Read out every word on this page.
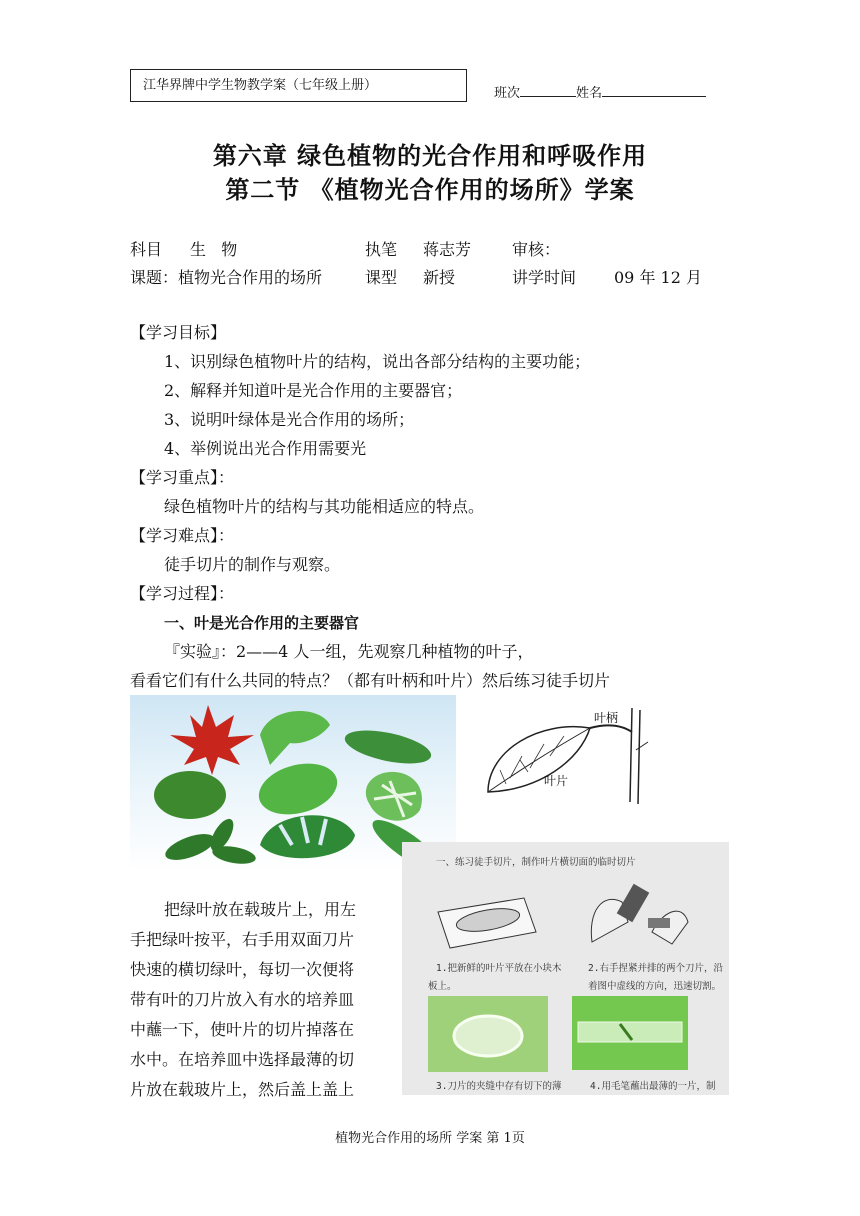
江华界牌中学生物教学案（七年级上册）
班次	姓名
第六章 绿色植物的光合作用和呼吸作用
第二节 《植物光合作用的场所》学案
科目 生   物	执笔 蒋志芳	审核：
课题：植物光合作用的场所	课型 新授	讲学时间 09 年 12 月
【学习目标】
1、识别绿色植物叶片的结构，说出各部分结构的主要功能；
2、解释并知道叶是光合作用的主要器官；
3、说明叶绿体是光合作用的场所；
4、举例说出光合作用需要光
【学习重点】：
绿色植物叶片的结构与其功能相适应的特点。
【学习难点】：
徒手切片的制作与观察。
【学习过程】：
一、叶是光合作用的主要器官
『实验』：2——4 人一组，先观察几种植物的叶子，
看看它们有什么共同的特点？（都有叶柄和叶片）然后练习徒手切片
叶柄
叶片
把绿叶放在载玻片上，用左
手把绿叶按平，右手用双面刀片
快速的横切绿叶，每切一次便将
带有叶的刀片放入有水的培养皿
中蘸一下，使叶片的切片掉落在
水中。在培养皿中选择最薄的切
片放在载玻片上，然后盖上盖上
一、练习徒手切片，制作叶片横切面的临时切片
1.把新鲜的叶片平放在小块木
板上。
2.右手捏紧并排的两个刀片，沿
着图中虚线的方向，迅速切割。
3.刀片的夹缝中存有切下的薄	4.用毛笔蘸出最薄的一片，制
植物光合作用的场所 学案 第 1页
